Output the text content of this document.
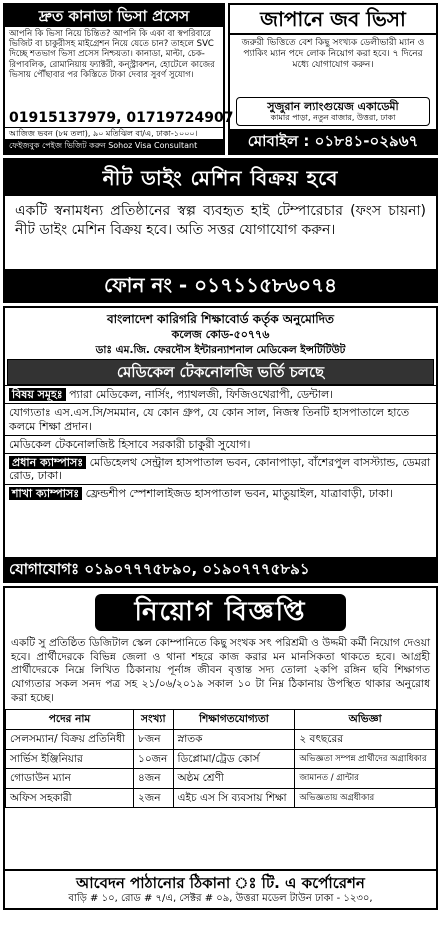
দ্রুত কানাডা ভিসা প্রসেস
আপনি কি ভিসা নিয়ে চিন্তিত? আপনি কি একা বা স্বপরিবারে ভিজিট বা চাকুরীসহ মাইগ্রেশন নিয়ে যেতে চান? তাহলে SVC দিচ্ছে শতভাগ ভিসা প্রসেস নিশ্চয়তা। কানাডা, মাল্টা, চেক-রিপাবলিক, রোমানিয়ায় ফ্যাক্টরী, কন্স্ট্রাকশন, হোটেলে কাজের ভিসায় পৌঁছাবার পর কিস্তিতে টাকা দেবার সুবর্ণ সুযোগ।
01915137979, 01719724907
আজিজ ভবন (৮ম তলা), ৯০ মতিঝিল বা/এ, ঢাকা-১০০০।
ফেইজবুক পেইজ ভিজিট করুন Sohoz Visa Consultant
জাপানে জব ভিসা
জরুরী ভিত্তিতে বেশ কিছু সংখ্যক ডেলীভারী ম্যান ও প্যাকিং ম্যান পদে লোক নিয়োগ করা হবে। ৭ দিনের মধ্যে যোগাযোগ করুন।
সুজুরান ল্যাংগুয়েজ একাডেমী
কামার পাড়া, নতুন বাজার, উত্তরা, ঢাকা
মোবাইল : ০১৮৪১-০২৯৬৭
নীট ডাইং মেশিন বিক্রয় হবে
একটি স্বনামধন্য প্রতিষ্ঠানের স্বল্প ব্যবহৃত হাই টেম্পারেচার (ফংস চায়না) নীট ডাইং মেশিন বিক্রয় হবে। অতি সত্তর যোগাযোগ করুন।
ফোন নং - ০১৭১১৫৮৬০৭৪
বাংলাদেশ কারিগরি শিক্ষাবোর্ড কর্তৃক অনুমোদিত
কলেজ কোড-৫০৭৭৬
ডাঃ এম.জি. ফেরদৌস ইন্টারন্যাশনাল মেডিকেল ইন্সটিটিউট
মেডিকেল টেকনোলজি ভর্তি চলছে
বিষয় সমূহঃ প্যারা মেডিকেল, নার্সিং, প্যাথলজী, ফিজিওথেরাপী, ডেন্টাল।
যোগ্যতাঃ এস.এস.সি/সমমান, যে কোন গ্রুপ, যে কোন সাল, নিজস্ব তিনটি হাসপাতালে হাতে কলমে শিক্ষা প্রদান।
মেডিকেল টেকনোলজিষ্ট হিসাবে সরকারী চাকুরী সুযোগ।
প্রধান ক্যাম্পাসঃ মেডিহেলথ সেন্ট্রাল হাসপাতাল ভবন, কোনাপাড়া, বাঁশেরপুল বাসস্ট্যান্ড, ডেমরা রোড, ঢাকা।
শাখা ক্যাম্পাসঃ ফ্রেন্ডশীপ স্পেশালাইজড হাসপাতাল ভবন, মাতুয়াইল, যাত্রাবাড়ী, ঢাকা।
যোগাযোগঃ ০১৯০৭৭৭৫৮৯০, ০১৯০৭৭৭৫৮৯১
নিয়োগ বিজ্ঞপ্তি
একটি সু প্রতিষ্ঠিত ডিজিটাল স্কেল কোম্পানিতে কিছু সংখক সৎ পরিশ্রমী ও উদ্দমী কর্মী নিয়োগ দেওয়া হবে। প্রার্থীদেরকে বিভিন্ন জেলা ও থানা শহরে কাজ করার মন মানসিকতা থাকতে হবে। আগ্রহী প্রার্থীদেরকে নিম্নে লিখিত ঠিকানায় পূর্নাঙ্গ জীবন বৃত্তান্ত সদ্য তোলা ২কপি রঙ্গিন ছবি শিক্ষাগত যোগ্যতার সকল সনদ পত্র সহ ২১/০৬/২০১৯ সকাল ১০ টা নিম্ন ঠিকানায় উপস্থিত থাকার অনুরোধ করা হচ্ছে।
পদের নাম	সংখ্যা	শিক্ষাগতযোগ্যতা	অভিজ্ঞা
সেলসম্যান/ বিক্রয় প্রতিনিধী	৮জন	স্নাতক	২ বৎছরের
সার্ভিস ইঞ্জিনিয়ার	১০জন	ডিপ্লোমা/ট্রেড কোর্স	অভিজ্ঞতা সম্পন্ন প্রার্থীদের অগ্রাধিকার
গোডাউন ম্যান	৪জন	অষ্ঠম শ্রেণী	জামানত / গ্রান্টার
অফিস সহকারী	২জন	এইচ এস সি ব্যবসায় শিক্ষা	অভিজ্ঞতায় অগ্রধীকার
আবেদন পাঠানোর ঠিকানা ঃ টি. এ কর্পোরেশন
বাড়ি # ১০, রোড # ৭/এ, সেক্টর # ০৯, উত্তরা মডেল টাউন ঢাকা - ১২৩০,
